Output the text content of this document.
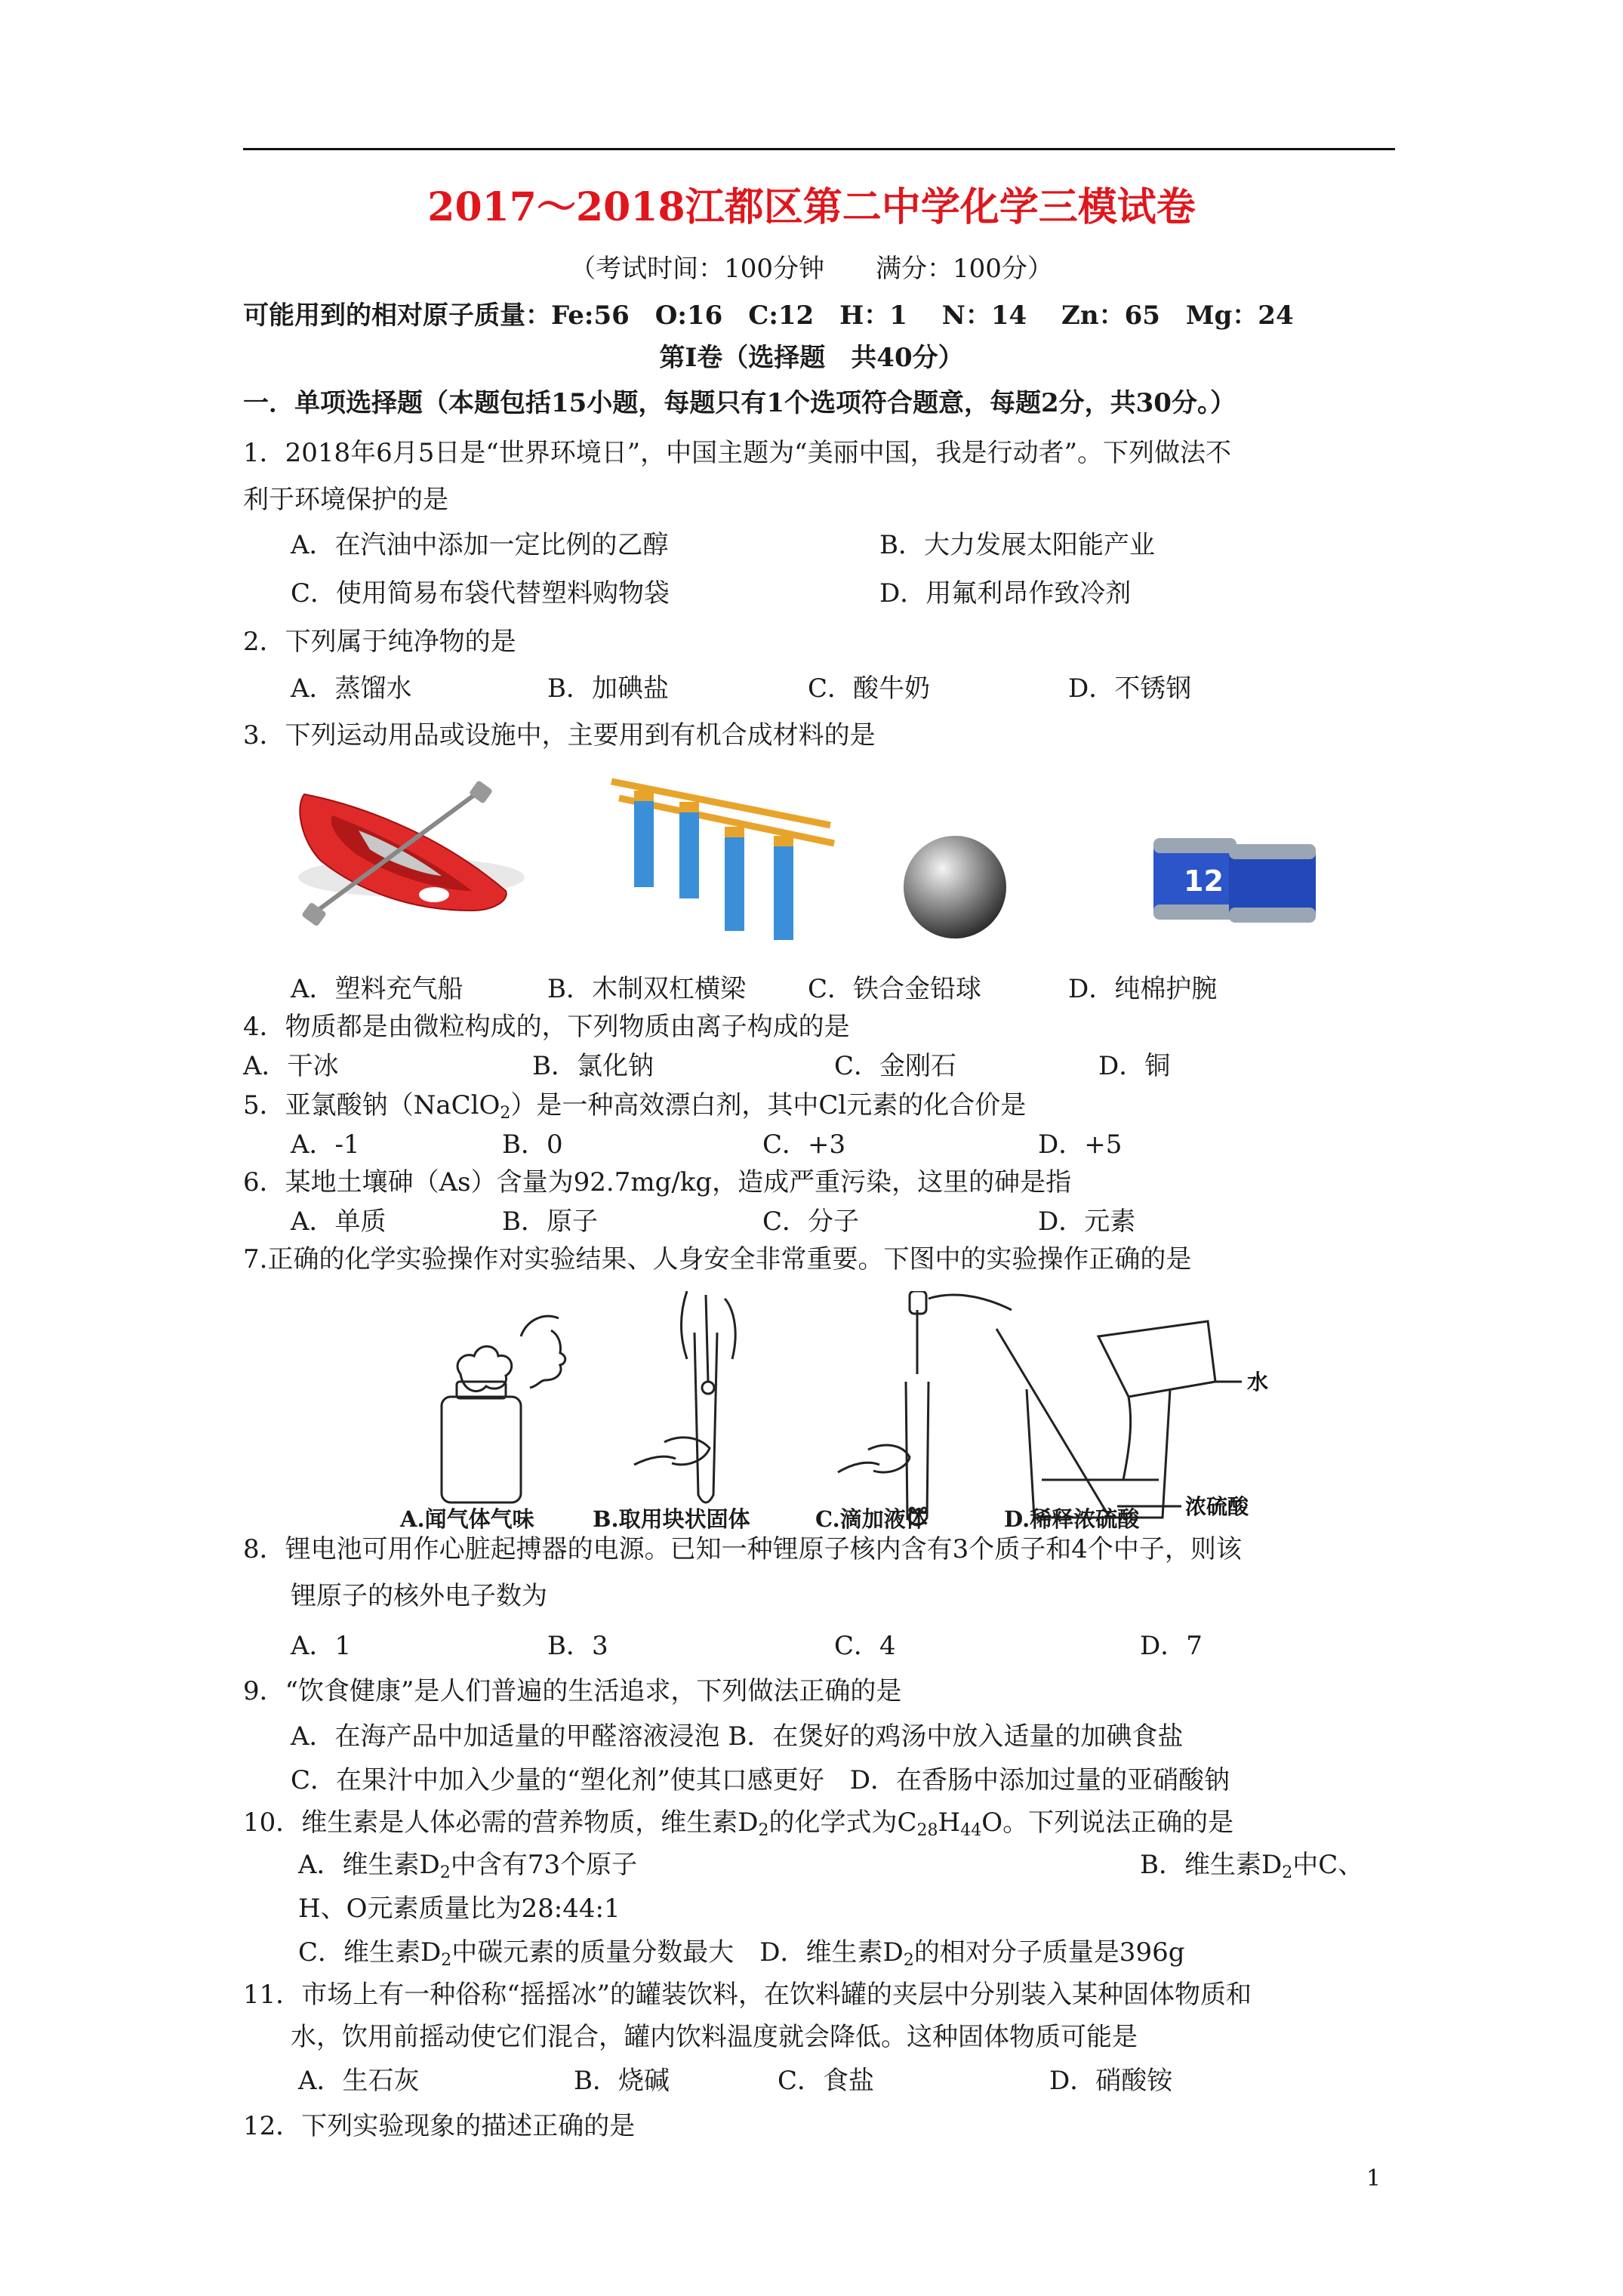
2017～2018江都区第二中学化学三模试卷
（考试时间：100分钟　　满分：100分）
可能用到的相对原子质量：Fe:56　O:16　C:12　H：1　 N：14　 Zn：65　Mg：24
第Ⅰ卷（选择题　共40分）
一．单项选择题（本题包括15小题，每题只有1个选项符合题意，每题2分，共30分。）
1．2018年6月5日是“世界环境日”，中国主题为“美丽中国，我是行动者”。下列做法不
利于环境保护的是
A．在汽油中添加一定比例的乙醇	B．大力发展太阳能产业
C．使用简易布袋代替塑料购物袋	D．用氟利昂作致冷剂
2．下列属于纯净物的是
A．蒸馏水	B．加碘盐	C．酸牛奶	D．不锈钢
3．下列运动用品或设施中，主要用到有机合成材料的是
12
A．塑料充气船	B．木制双杠横梁 C．铁合金铅球	D．纯棉护腕
4．物质都是由微粒构成的，下列物质由离子构成的是
A．干冰	B．氯化钠	C．金刚石	D．铜
5．亚氯酸钠（NaClO$_2$）是一种高效漂白剂，其中Cl元素的化合价是
A．-1	B．0	C．+3	D．+5
6．某地土壤砷（As）含量为92.7mg/kg，造成严重污染，这里的砷是指
A．单质	B．原子	C．分子	D．元素
7.正确的化学实验操作对实验结果、人身安全非常重要。下图中的实验操作正确的是
水
浓硫酸
A.闻气体气味	B.取用块状固体	C.滴加液体	D.稀释浓硫酸
8．锂电池可用作心脏起搏器的电源。已知一种锂原子核内含有3个质子和4个中子，则该
锂原子的核外电子数为
A．1	B．3	C．4	D．7
9．“饮食健康”是人们普遍的生活追求，下列做法正确的是
A．在海产品中加适量的甲醛溶液浸泡 B．在煲好的鸡汤中放入适量的加碘食盐
C．在果汁中加入少量的“塑化剂”使其口感更好　D．在香肠中添加过量的亚硝酸钠
10．维生素是人体必需的营养物质，维生素$D_2$的化学式为$C_{28}H_{44}O$。下列说法正确的是
A．维生素$D_2$中含有73个原子	B．维生素$D_2$中C、
H、O元素质量比为28:44:1
C．维生素$D_2$中碳元素的质量分数最大　 D．维生素$D_2$的相对分子质量是396g
11．市场上有一种俗称“摇摇冰”的罐装饮料，在饮料罐的夹层中分别装入某种固体物质和
水，饮用前摇动使它们混合，罐内饮料温度就会降低。这种固体物质可能是
A．生石灰	B．烧碱	C．食盐	D．硝酸铵
12．下列实验现象的描述正确的是
1
